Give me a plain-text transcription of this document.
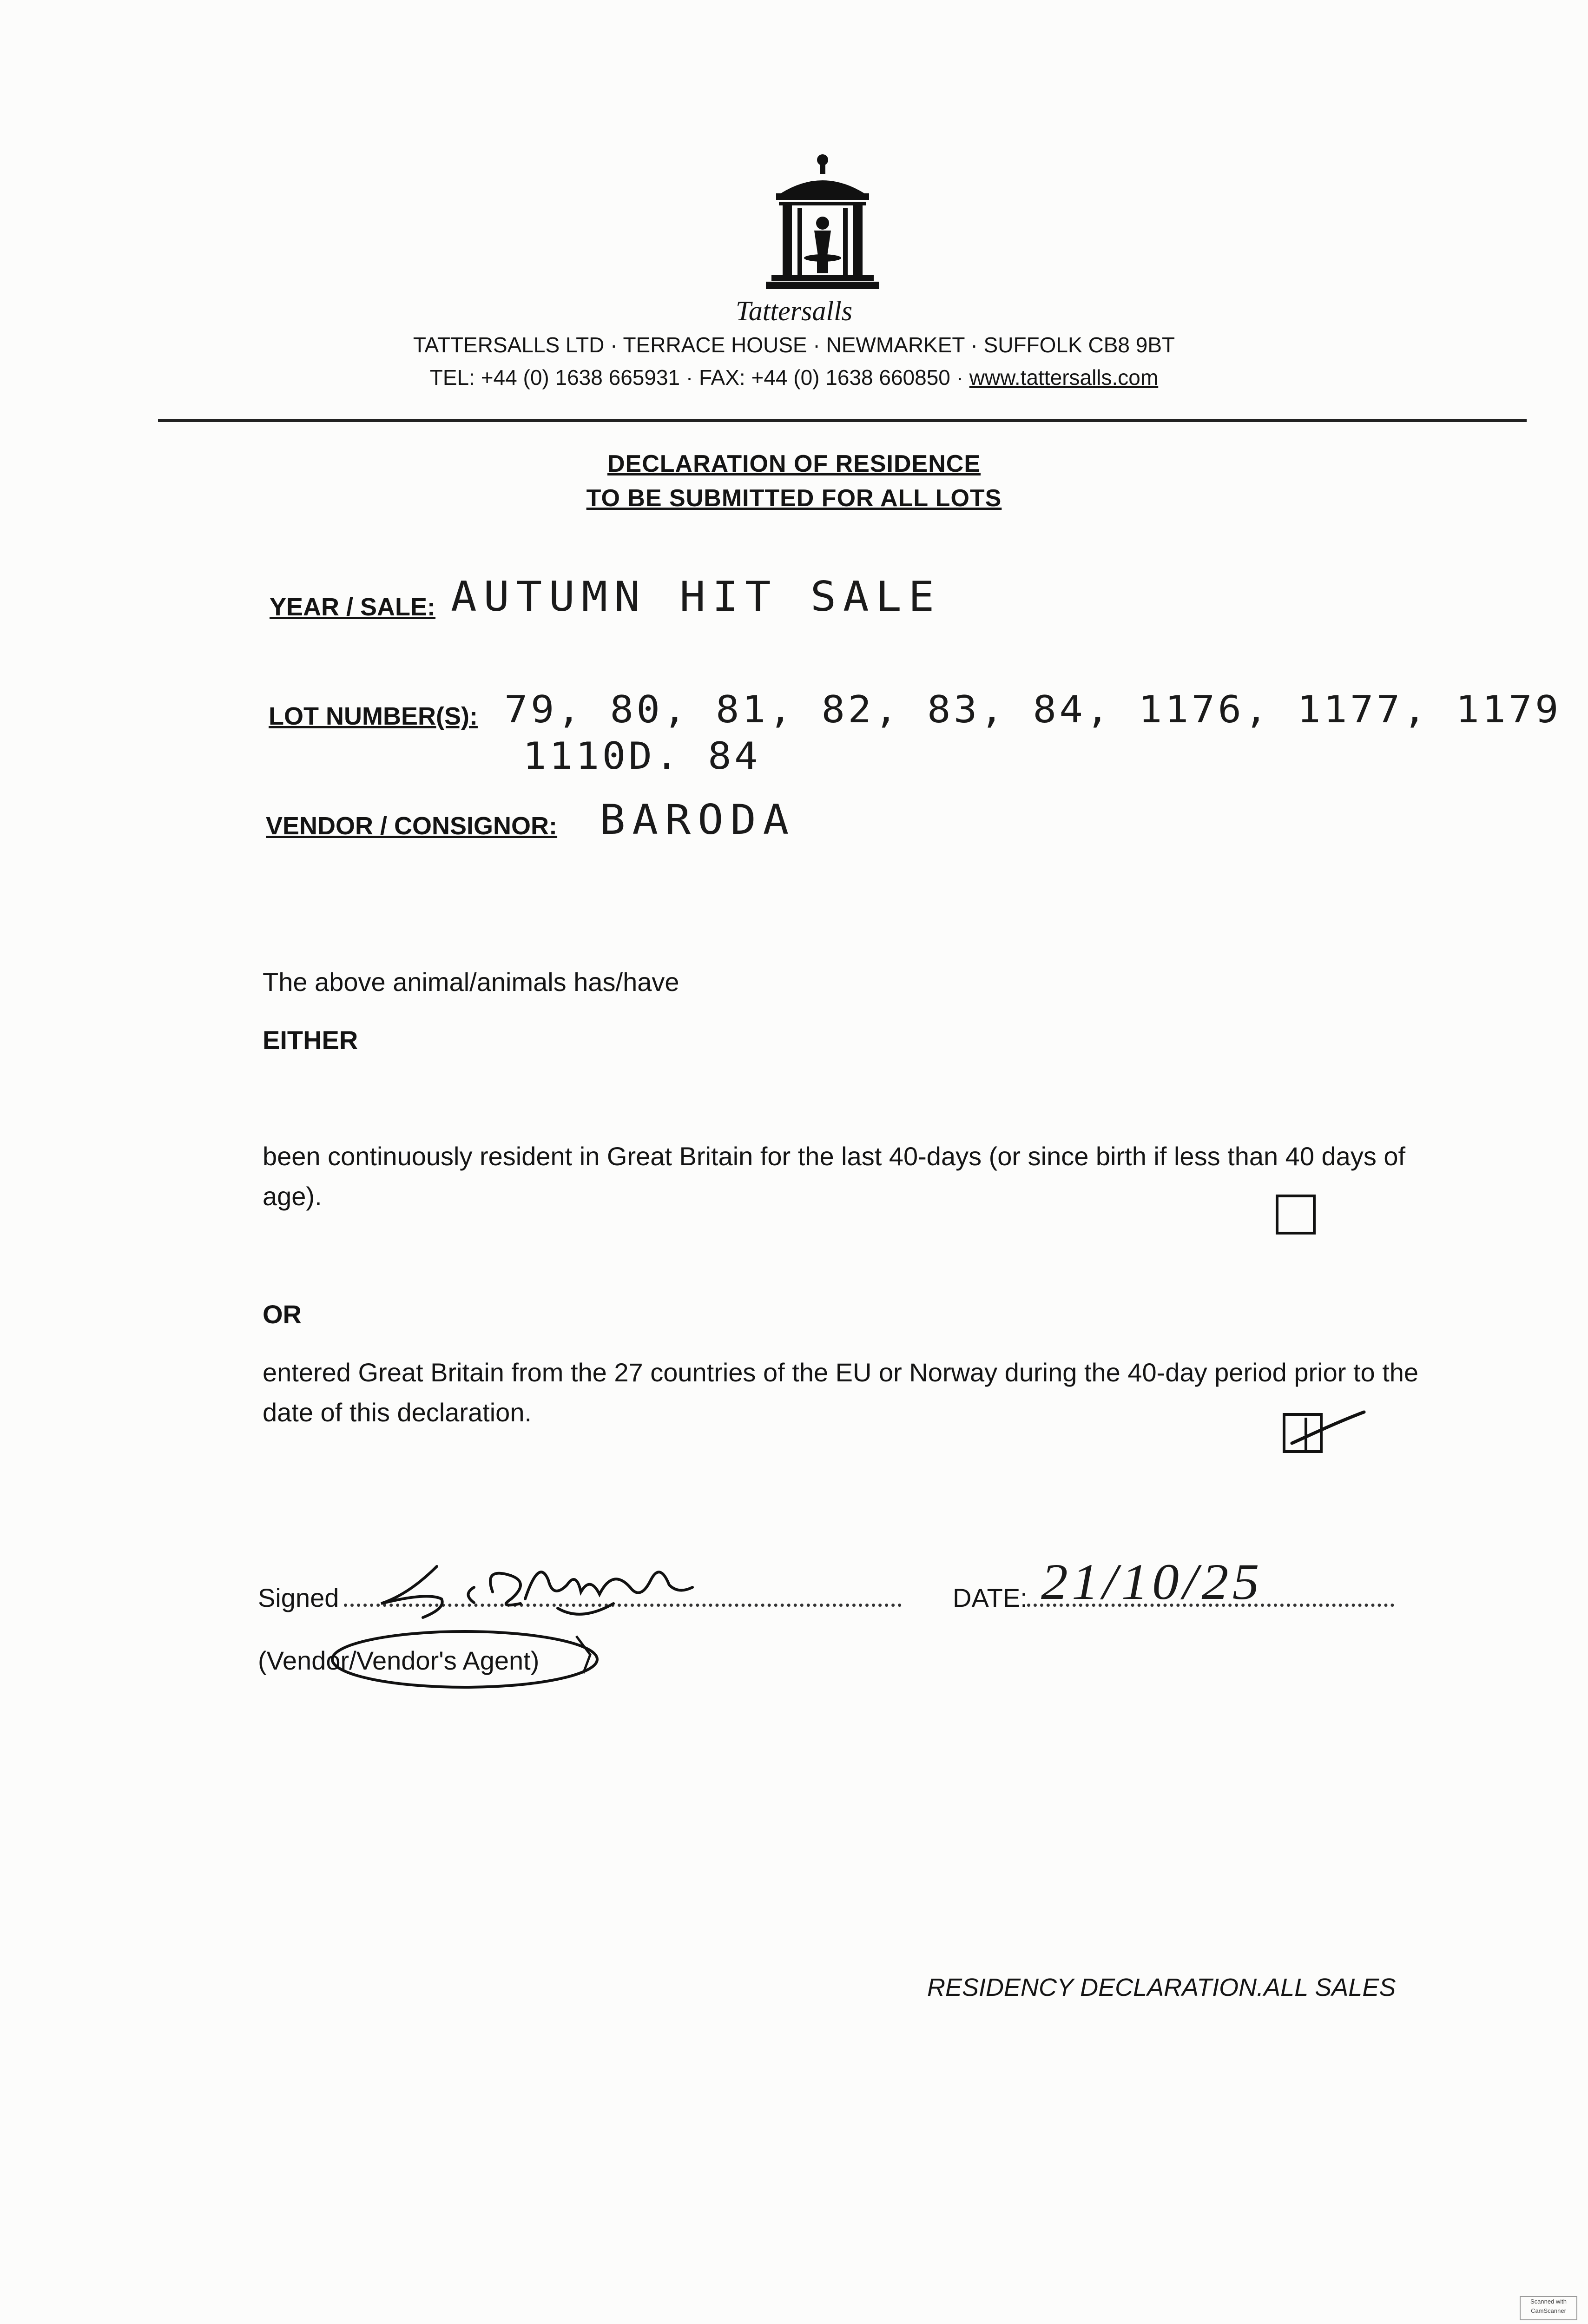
Tattersalls
TATTERSALLS LTD · TERRACE HOUSE · NEWMARKET · SUFFOLK CB8 9BT
TEL: +44 (0) 1638 665931 · FAX: +44 (0) 1638 660850 · www.tattersalls.com
DECLARATION OF RESIDENCE
TO BE SUBMITTED FOR ALL LOTS
YEAR / SALE: AUTUMN HIT SALE
LOT NUMBER(S): 79, 80, 81, 82, 83, 84, 1176, 1177, 1179
1110D. 84
VENDOR / CONSIGNOR: BARODA
The above animal/animals has/have
EITHER
been continuously resident in Great Britain for the last 40-days (or since birth if less than 40 days of age).
OR
entered Great Britain from the 27 countries of the EU or Norway during the 40-day period prior to the date of this declaration.
Signed
(Vendor/Vendor's Agent)
DATE: 21/10/25
RESIDENCY DECLARATION.ALL SALES
Scanned with
CamScanner
